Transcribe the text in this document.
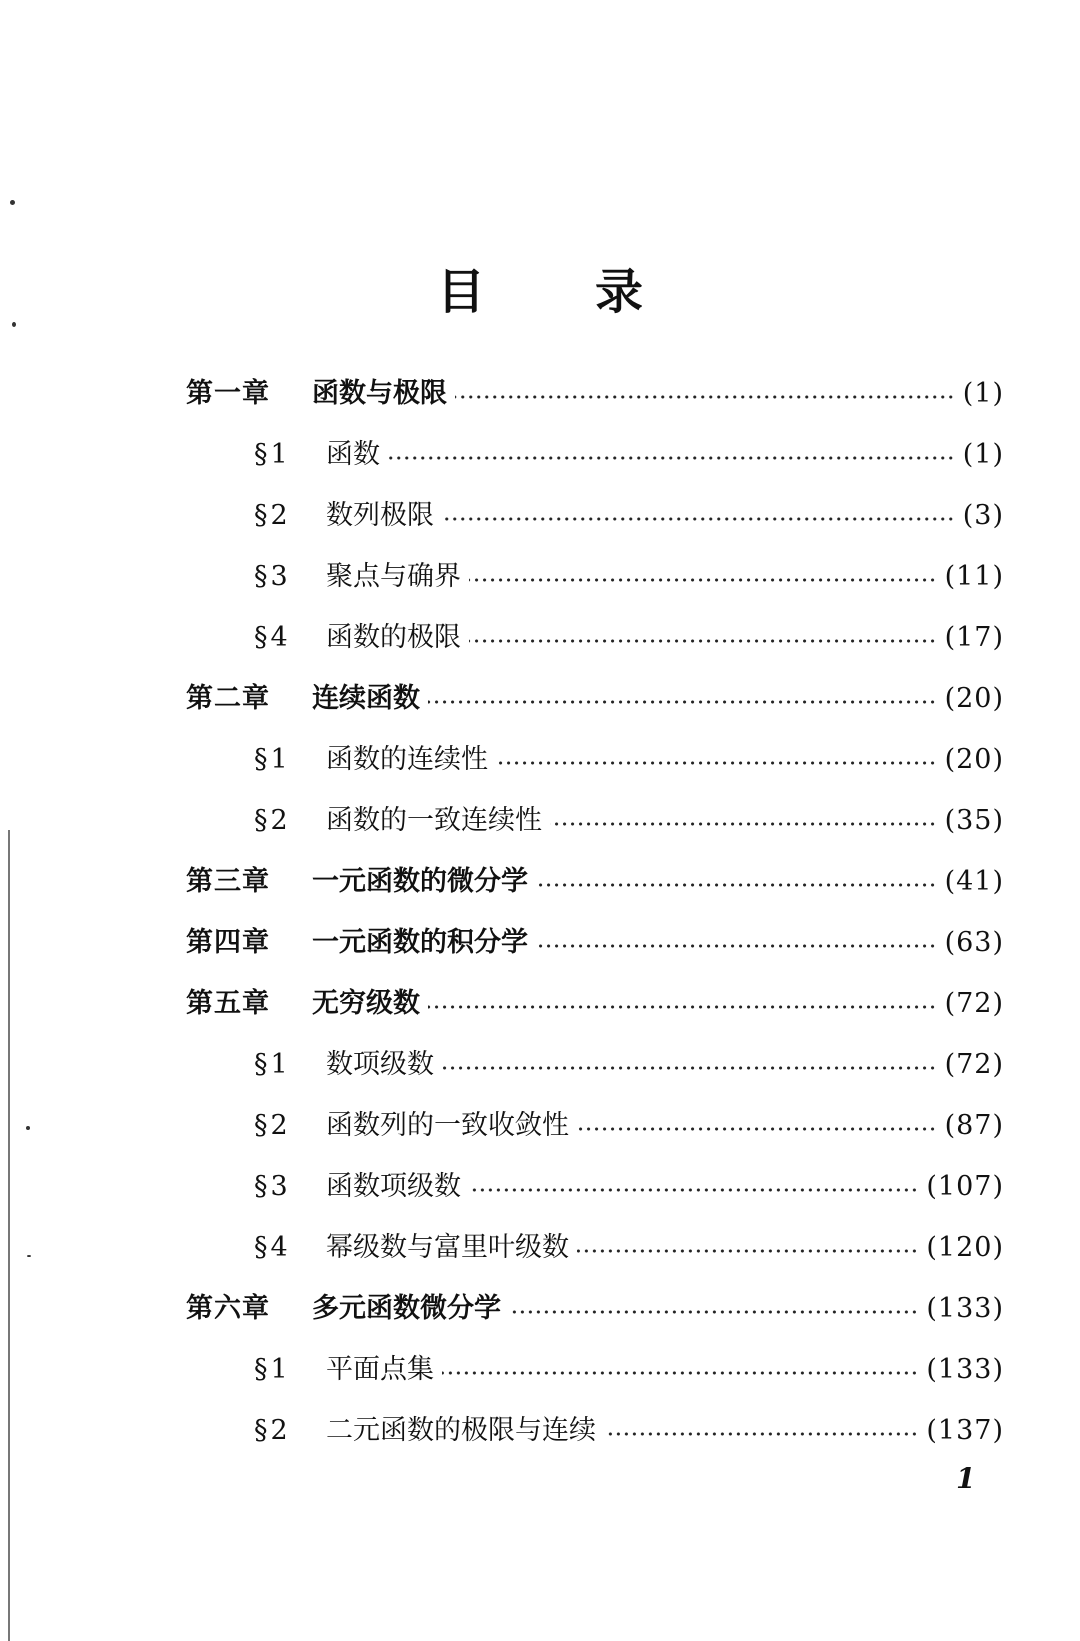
目 录
第一章	函数与极限	(1)
§1	函数	(1)
§2	数列极限	(3)
§3	聚点与确界	(11)
§4	函数的极限	(17)
第二章	连续函数	(20)
§1	函数的连续性	(20)
§2	函数的一致连续性	(35)
第三章	一元函数的微分学	(41)
第四章	一元函数的积分学	(63)
第五章	无穷级数	(72)
§1	数项级数	(72)
§2	函数列的一致收敛性	(87)
§3	函数项级数	(107)
§4	幂级数与富里叶级数	(120)
第六章	多元函数微分学	(133)
§1	平面点集	(133)
§2	二元函数的极限与连续	(137)
1
